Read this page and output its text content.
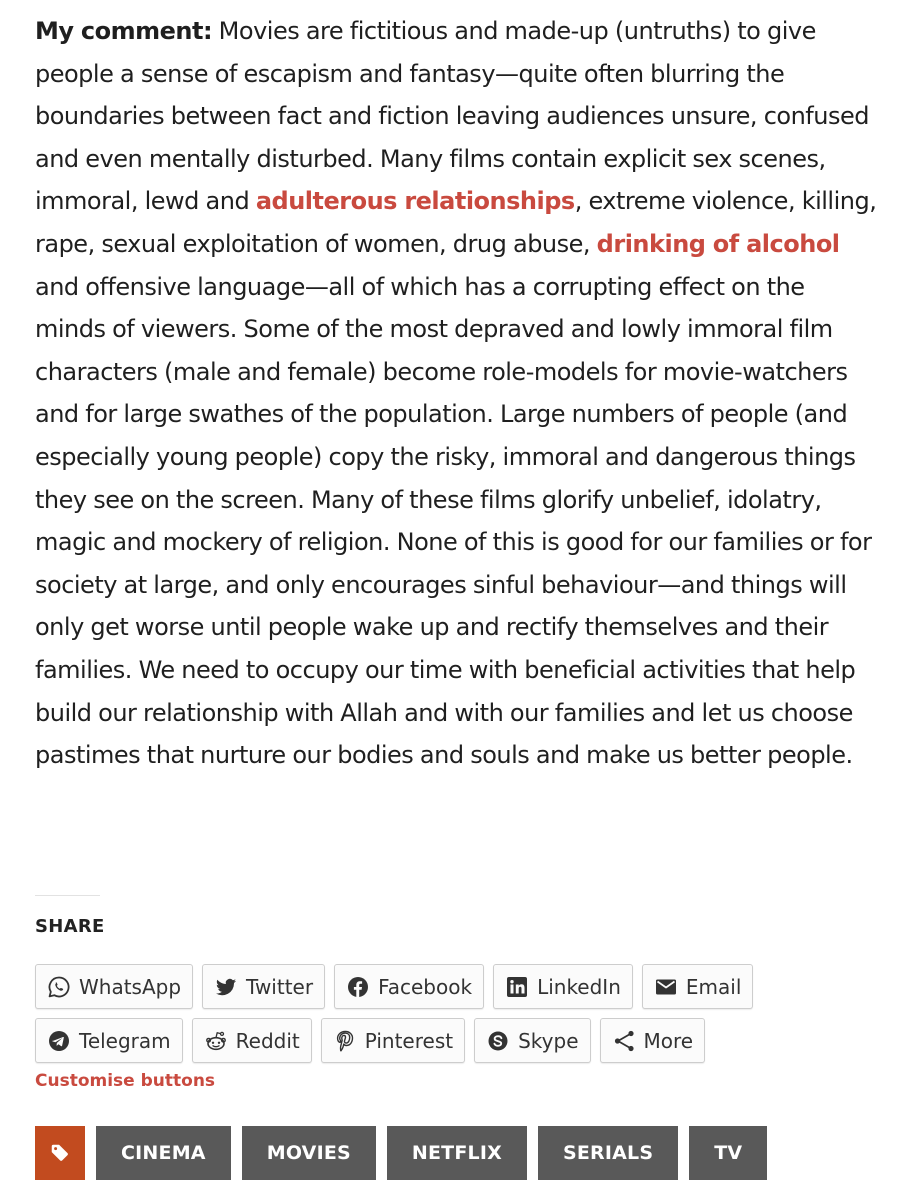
My comment: Movies are fictitious and made-up (untruths) to give people a sense of escapism and fantasy—quite often blurring the boundaries between fact and fiction leaving audiences unsure, confused and even mentally disturbed. Many films contain explicit sex scenes, immoral, lewd and adulterous relationships, extreme violence, killing, rape, sexual exploitation of women, drug abuse, drinking of alcohol and offensive language—all of which has a corrupting effect on the minds of viewers. Some of the most depraved and lowly immoral film characters (male and female) become role-models for movie-watchers and for large swathes of the population. Large numbers of people (and especially young people) copy the risky, immoral and dangerous things they see on the screen. Many of these films glorify unbelief, idolatry, magic and mockery of religion. None of this is good for our families or for society at large, and only encourages sinful behaviour—and things will only get worse until people wake up and rectify themselves and their families. We need to occupy our time with beneficial activities that help build our relationship with Allah and with our families and let us choose pastimes that nurture our bodies and souls and make us better people.

SHARE
WhatsApp	Twitter	Facebook	LinkedIn	Email
Telegram	Reddit	Pinterest	Skype	More
Customise buttons
CINEMA	MOVIES	NETFLIX	SERIALS	TV
